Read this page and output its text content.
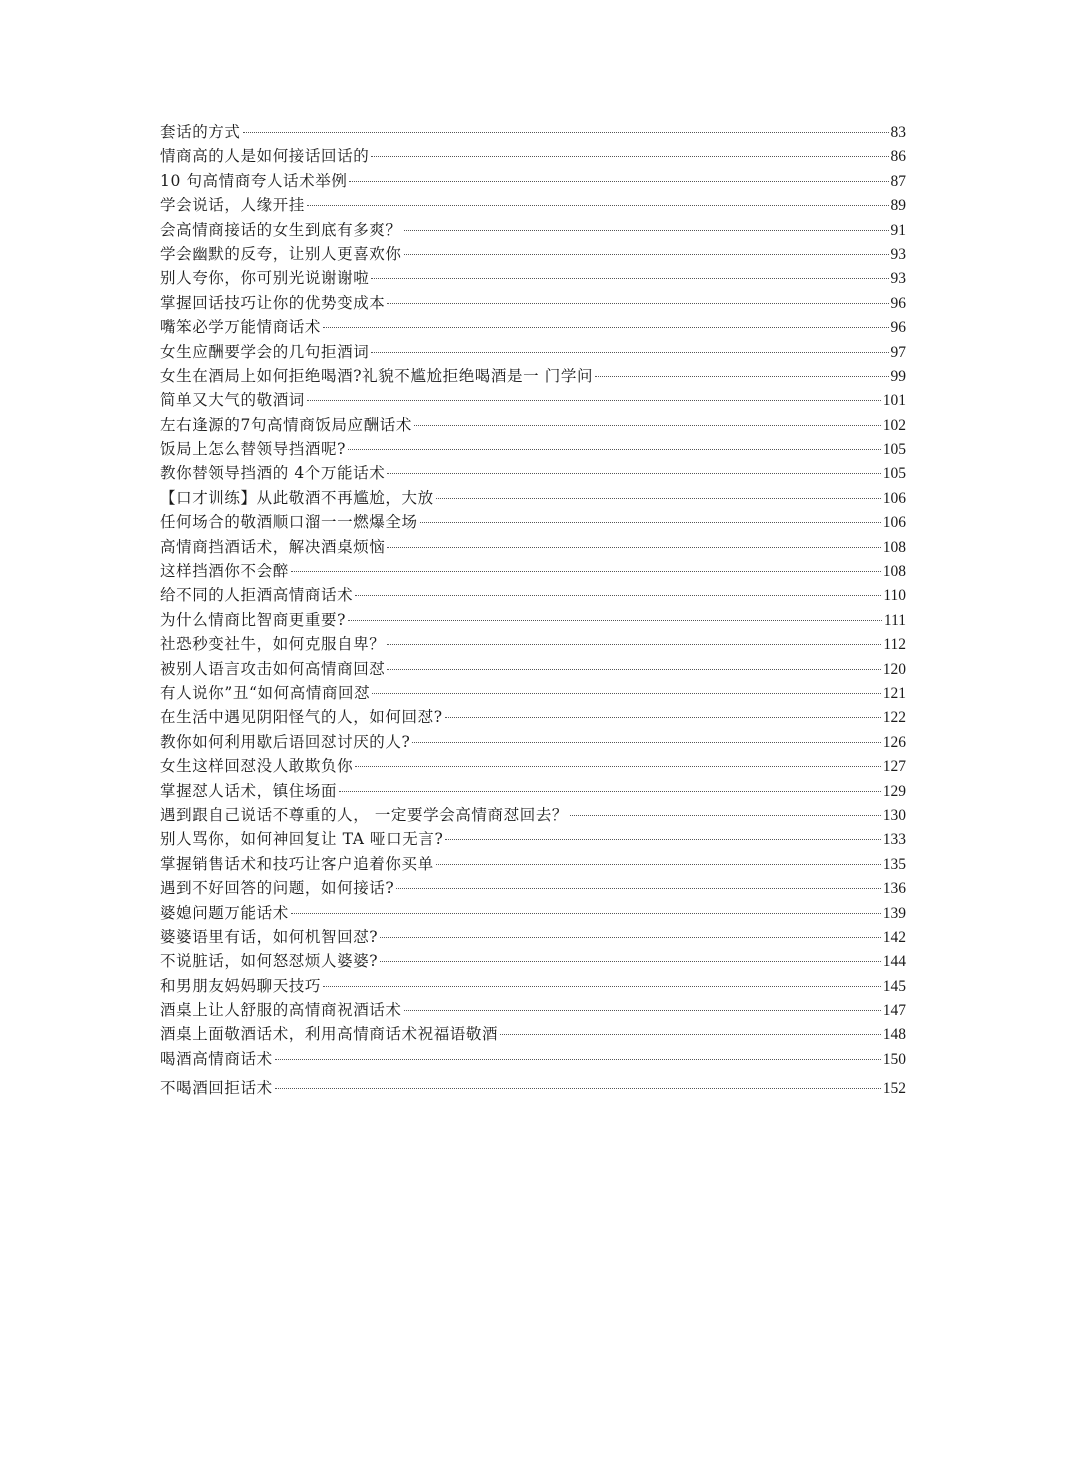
套话的方式	83
情商高的人是如何接话回话的	86
10 句高情商夸人话术举例	87
学会说话，人缘开挂	89
会高情商接话的女生到底有多爽？	91
学会幽默的反夸，让别人更喜欢你	93
别人夸你，你可别光说谢谢啦	93
掌握回话技巧让你的优势变成本	96
嘴笨必学万能情商话术	96
女生应酬要学会的几句拒酒词	97
女生在酒局上如何拒绝喝酒?礼貌不尴尬拒绝喝酒是一 门学问	99
简单又大气的敬酒词	101
左右逢源的7句高情商饭局应酬话术	102
饭局上怎么替领导挡酒呢?	105
教你替领导挡酒的 4个万能话术	105
【口才训练】从此敬酒不再尴尬，大放	106
任何场合的敬酒顺口溜一一燃爆全场	106
高情商挡酒话术，解决酒桌烦恼	108
这样挡酒你不会醉	108
给不同的人拒酒高情商话术	110
为什么情商比智商更重要?	111
社恐秒变社牛，如何克服自卑？	112
被别人语言攻击如何高情商回怼	120
有人说你”丑“如何高情商回怼	121
在生活中遇见阴阳怪气的人，如何回怼?	122
教你如何利用歇后语回怼讨厌的人?	126
女生这样回怼没人敢欺负你	127
掌握怼人话术，镇住场面	129
遇到跟自己说话不尊重的人， 一定要学会高情商怼回去？	130
别人骂你，如何神回复让 TA 哑口无言?	133
掌握销售话术和技巧让客户追着你买单	135
遇到不好回答的问题，如何接话?	136
婆媳问题万能话术	139
婆婆语里有话，如何机智回怼?	142
不说脏话，如何怒怼烦人婆婆?	144
和男朋友妈妈聊天技巧	145
酒桌上让人舒服的高情商祝酒话术	147
酒桌上面敬酒话术，利用高情商话术祝福语敬酒	148
喝酒高情商话术	150
不喝酒回拒话术	152
